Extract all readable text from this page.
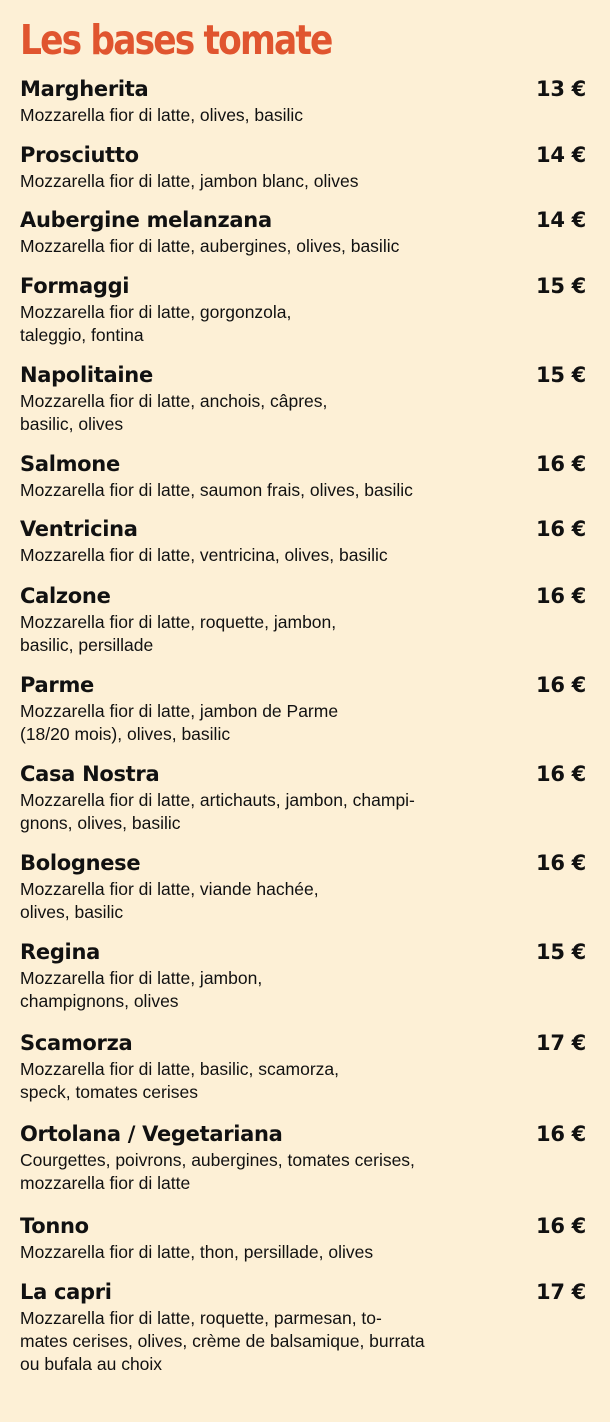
Les bases tomate
Margherita	13 €
Mozzarella fior di latte, olives, basilic
Prosciutto	14 €
Mozzarella fior di latte, jambon blanc, olives
Aubergine melanzana	14 €
Mozzarella fior di latte, aubergines, olives, basilic
Formaggi	15 €
Mozzarella fior di latte, gorgonzola,
taleggio, fontina
Napolitaine	15 €
Mozzarella fior di latte, anchois, câpres,
basilic, olives
Salmone	16 €
Mozzarella fior di latte, saumon frais, olives, basilic
Ventricina	16 €
Mozzarella fior di latte, ventricina, olives, basilic
Calzone	16 €
Mozzarella fior di latte, roquette, jambon,
basilic, persillade
Parme	16 €
Mozzarella fior di latte, jambon de Parme
(18/20 mois), olives, basilic
Casa Nostra	16 €
Mozzarella fior di latte, artichauts, jambon, champi-
gnons, olives, basilic
Bolognese	16 €
Mozzarella fior di latte, viande hachée,
olives, basilic
Regina	15 €
Mozzarella fior di latte, jambon,
champignons, olives
Scamorza	17 €
Mozzarella fior di latte, basilic, scamorza,
speck, tomates cerises
Ortolana / Vegetariana	16 €
Courgettes, poivrons, aubergines, tomates cerises,
mozzarella fior di latte
Tonno	16 €
Mozzarella fior di latte, thon, persillade, olives
La capri	17 €
Mozzarella fior di latte, roquette, parmesan, to-
mates cerises, olives, crème de balsamique, burrata
ou bufala au choix
